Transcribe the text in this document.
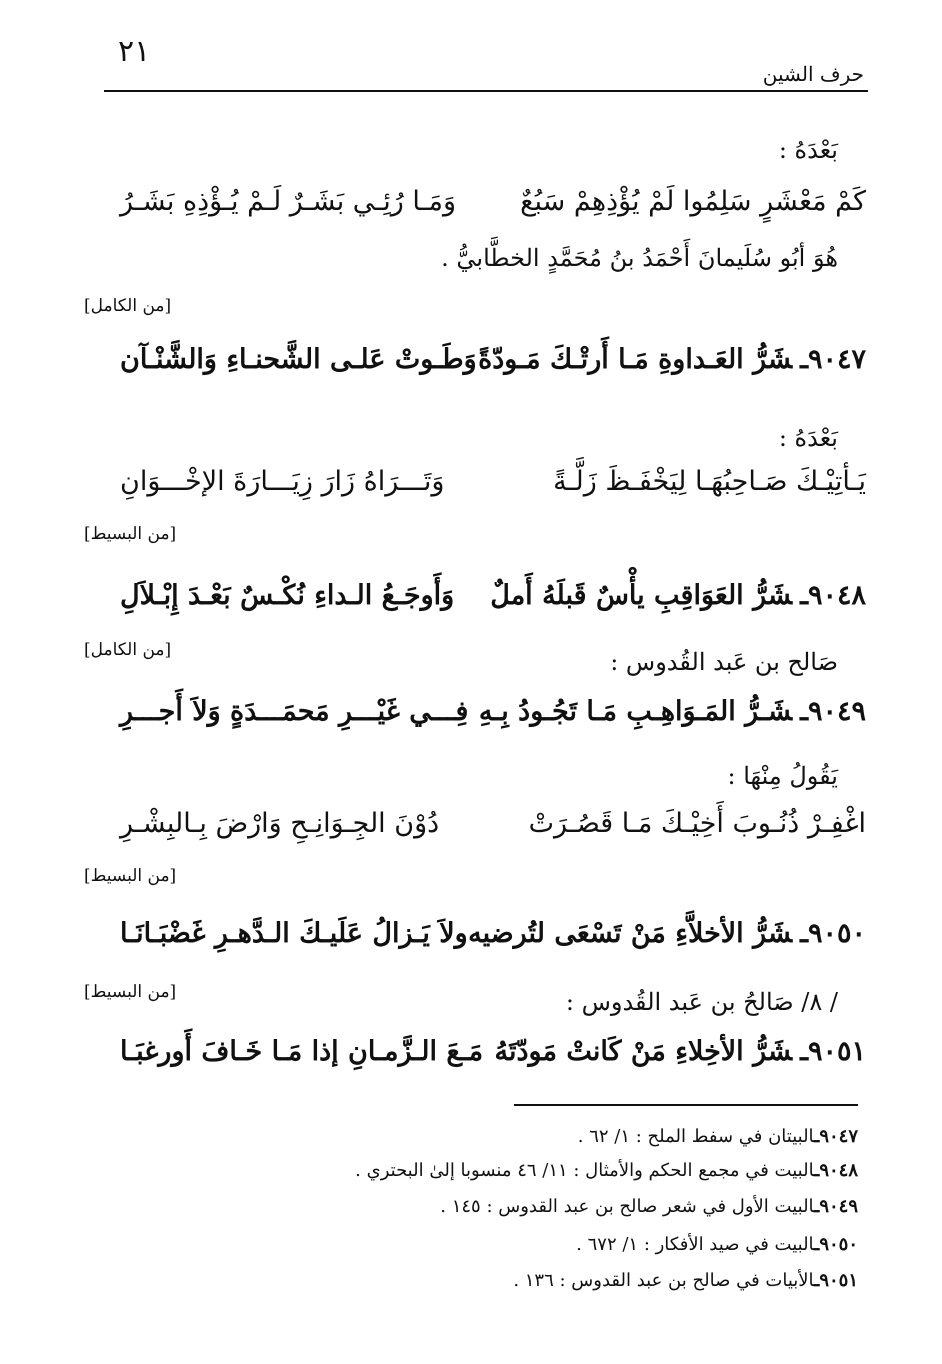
٢١
حرف الشين
بَعْدَهُ :
كَمْ مَعْشَرٍ سَلِمُوا لَمْ يُؤْذِهِمْ سَبُعٌ
وَمَـا رُئِـي بَشَـرٌ لَـمْ يُـؤْذِهِ بَشَـرُ
هُوَ أبُو سُلَيمانَ أَحْمَدُ بنُ مُحَمَّدٍ الخطَّابيُّ .
[من الكامل]
٩٠٤٧ـشَرُّ العَـداوةِ مَـا أَرتْـكَ مَـودّةً
وَطَـوتْ عَلـى الشَّحنـاءِ وَالشَّنْـآن
بَعْدَهُ :
يَـأتِيْـكَ صَـاحِبُهَـا لِيَخْفَـظَ زَلَّـةً
وَتَـــرَاهُ زَارَ زِيَـــارَةَ الإخْـــوَانِ
[من البسيط]
٩٠٤٨ـشَرُّ العَوَاقِبِ يأْسٌ قَبلَهُ أَملٌ
وَأَوجَـعُ الـداءِ نُكْـسٌ بَعْـدَ إِبْـلاَلِ
[من الكامل]	صَالح بن عَبد القُدوس :
٩٠٤٩ـشَـرُّ المَـوَاهِـبِ مَـا تَجُـودُ بِـهِ
فِـــي غَيْـــرِ مَحمَـــدَةٍ وَلاَ أَجـــرِ
يَقُولُ مِنْهَا :
اغْفِـرْ ذُنُـوبَ أَخِيْـكَ مَـا قَصُـرَتْ
دُوْنَ الجِـوَانِـحِ وَارْضَ بِـالبِشْـرِ
[من البسيط]
٩٠٥٠ـشَرُّ الأخلاَّءِ مَنْ تَسْعَى لتُرضيه
ولاَ يَـزالُ عَلَيـكَ الـدَّهـرِ غَضْبَـانَـا
[من البسيط]	/ ٨/ صَالحُ بن عَبد القُدوس :
٩٠٥١ـشَرُّ الأخِلاءِ مَنْ كَانتْ مَودّتَهُ
مَـعَ الـزَّمـانِ إذا مَـا خَـافَ أَورغبَـا
٩٠٤٧ـالبيتان في سفط الملح : ١/ ٦٢ .
٩٠٤٨ـالبيت في مجمع الحكم والأمثال : ١١/ ٤٦ منسوبا إلىٰ البحتري .
٩٠٤٩ـالبيت الأول في شعر صالح بن عبد القدوس : ١٤٥ .
٩٠٥٠ـالبيت في صيد الأفكار : ١/ ٦٧٢ .
٩٠٥١ـالأبيات في صالح بن عبد القدوس : ١٣٦ .
